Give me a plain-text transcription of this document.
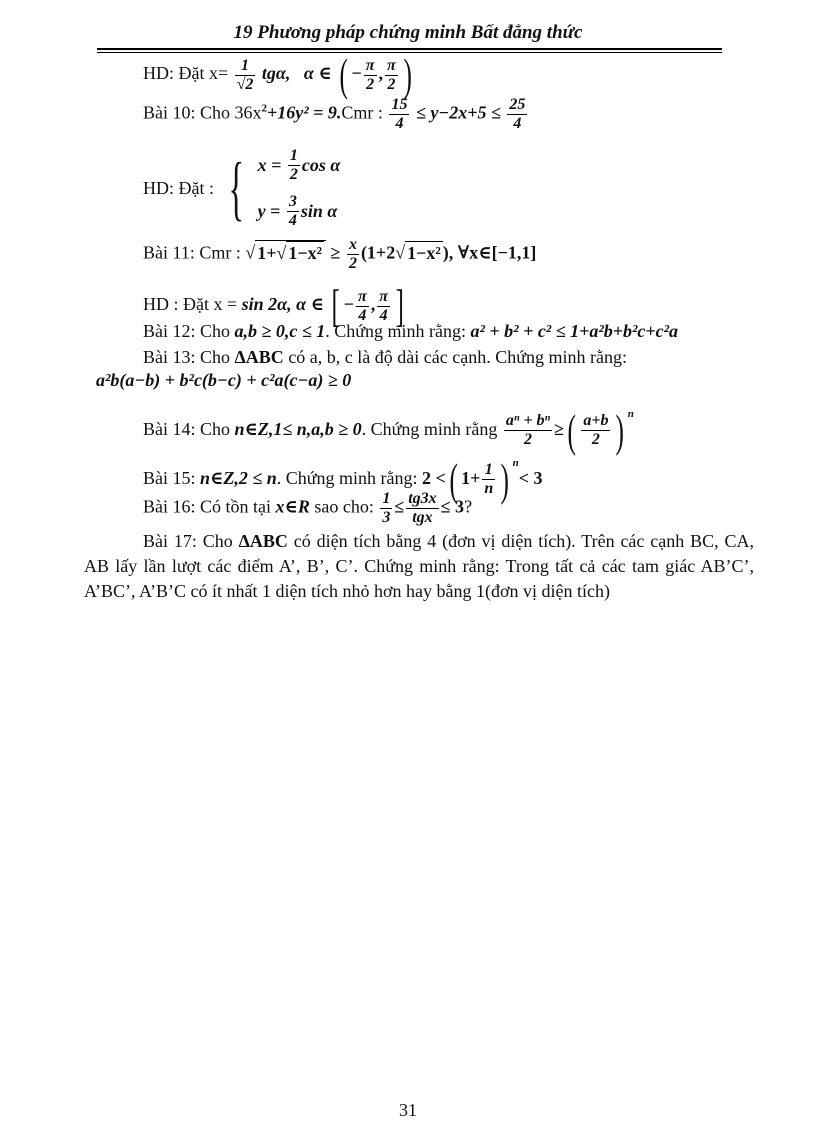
19 Phương pháp chứng minh Bất đẳng thức
HD: Đặt $x= \frac{1}{√2} tg\alpha$, α ∈ ( − $\frac{\pi}{2}$ , $\frac{\pi}{2}$ )
Bài 10: Cho $36x^2+16y^2 = 9.Cmr$ : $\frac{15}{4} \le y-2x+5 \le \frac{25}{4}$
HD: Đặt : { x =
$\frac{1}{2}$ cos α
y =
$\frac{3}{4}$ sin α
Bài 11: Cmr : √ 1+√ $1-x^2 \ge \frac{x}{2} (1+2√$ 1−x² ), ∀x∈[−1,1]
HD : Đặt x = sin 2α, α ∈ [ − $\frac{\pi}{4}$ , $\frac{\pi}{4}$ ]
Bài 12: Cho a,b ≥ 0,c ≤ 1. Chứng minh rằng: a² + b² + c² ≤ 1+a²b+b²c+c²a
Bài 13: Cho ΔABC có a, b, c là độ dài các cạnh. Chứng minh rằng:
a²b(a−b) + b²c(b−c) + c²a(c−a) ≥ 0
Bài 14: Cho n∈Z,1≤ n,a,b ≥ 0. Chứng minh rằng $\frac{\text{aⁿ + bⁿ}}{2}$ ≥( $\frac{a+b}{2}$ ) $^n$
Bài 15: n∈Z,2 ≤ n. Chứng minh rằng: 2 <( $1+ \frac{1}{n}$ ) $^n$< 3
Bài 16: Có tồn tại x∈R sao cho: $\frac{1}{3} \le \frac{tg3x}{\text{tgx}} \le 3$?
Bài 17: Cho ΔABC có diện tích bằng 4 (đơn vị diện tích). Trên các cạnh BC, CA, AB lấy lần lượt các điểm A’, B’, C’. Chứng minh rằng: Trong tất cả các tam giác AB’C’, A’BC’, A’B’C có ít nhất 1 diện tích nhỏ hơn hay bằng 1(đơn vị diện tích)
31
